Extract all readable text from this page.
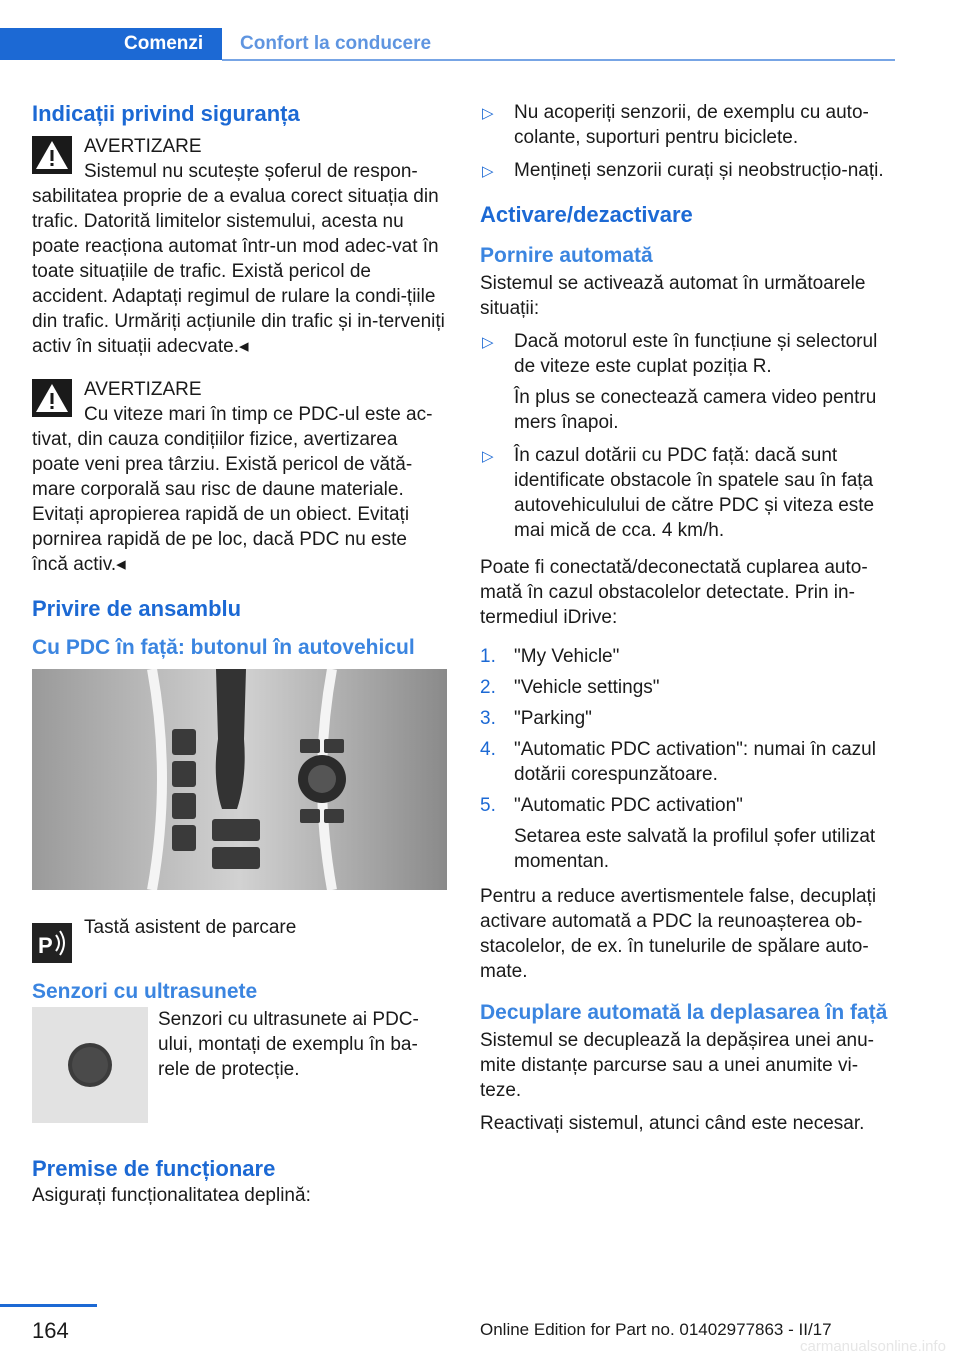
Comenzi	Confort la conducere
Indicații privind siguranța

AVERTIZARE

Sistemul nu scutește șoferul de respon-sabilitatea proprie de a evalua corect situația din trafic. Datorită limitelor sistemului, acesta nu poate reacționa automat într-un mod adec-vat în toate situațiile de trafic. Există pericol de accident. Adaptați regimul de rulare la condi-țiile din trafic. Urmăriți acțiunile din trafic și in-terveniți activ în situații adecvate.◂

AVERTIZARE

Cu viteze mari în timp ce PDC-ul este ac-tivat, din cauza condițiilor fizice, avertizarea poate veni prea târziu. Există pericol de vătă-mare corporală sau risc de daune materiale. Evitați apropierea rapidă de un obiect. Evitați pornirea rapidă de pe loc, dacă PDC nu este încă activ.◂

Privire de ansamblu
Cu PDC în față: butonul în autovehicul
P
Tastă asistent de parcare
Senzori cu ultrasunete
Senzori cu ultrasunete ai PDC-ului, montați de exemplu în ba-rele de protecție.
Premise de funcționare

Asigurați funcționalitatea deplină:

▷ Nu acoperiți senzorii, de exemplu cu auto-colante, suporturi pentru biciclete.
▷ Mențineți senzorii curați și neobstrucțio-nați.
Activare/dezactivare
Pornire automată

Sistemul se activează automat în următoarele situații:

▷ Dacă motorul este în funcțiune și selectorul de viteze este cuplat poziția R.

În plus se conectează camera video pentru mers înapoi.

▷ În cazul dotării cu PDC față: dacă sunt identificate obstacole în spatele sau în fața autovehiculului de către PDC și viteza este mai mică de cca. 4 km/h.

Poate fi conectată/deconectată cuplarea auto-mată în cazul obstacolelor detectate. Prin in-termediul iDrive:

1. "My Vehicle"
2. "Vehicle settings"
3. "Parking"
4. "Automatic PDC activation": numai în cazul dotării corespunzătoare.
5. "Automatic PDC activation"

Setarea este salvată la profilul șofer utilizat momentan.

Pentru a reduce avertismentele false, decuplați activare automată a PDC la reunoașterea ob-stacolelor, de ex. în tunelurile de spălare auto-mate.

Decuplare automată la deplasarea în față

Sistemul se decuplează la depășirea unei anu-mite distanțe parcurse sau a unei anumite vi-teze.

Reactivați sistemul, atunci când este necesar.

164	Online Edition for Part no. 01402977863 - II/17
carmanualsonline.info
